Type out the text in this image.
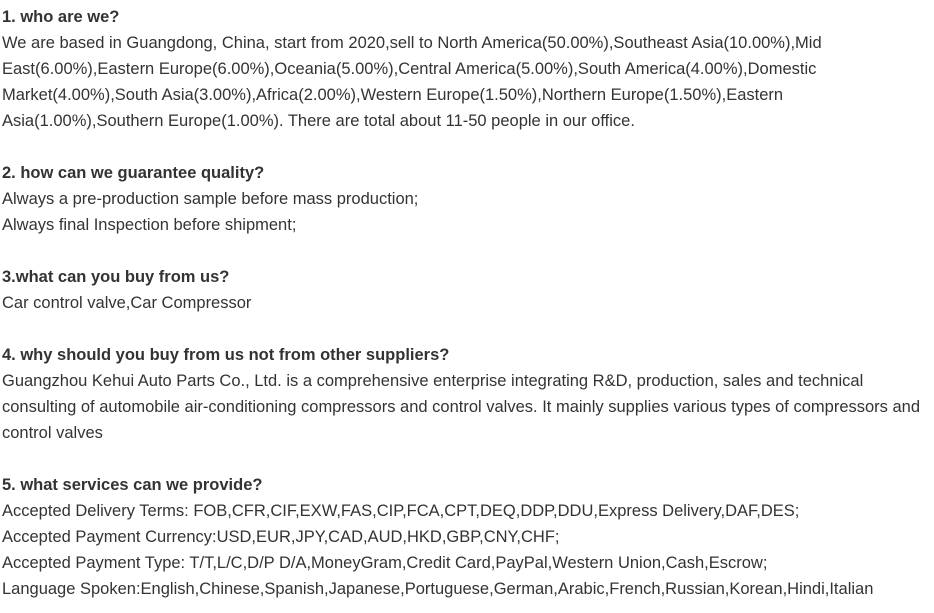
1. who are we?

We are based in Guangdong, China, start from 2020,sell to North America(50.00%),Southeast Asia(10.00%),Mid East(6.00%),Eastern Europe(6.00%),Oceania(5.00%),Central America(5.00%),South America(4.00%),Domestic Market(4.00%),South Asia(3.00%),Africa(2.00%),Western Europe(1.50%),Northern Europe(1.50%),Eastern Asia(1.00%),Southern Europe(1.00%). There are total about 11-50 people in our office.

2. how can we guarantee quality?

Always a pre-production sample before mass production;

Always final Inspection before shipment;

3.what can you buy from us?

Car control valve,Car Compressor

4. why should you buy from us not from other suppliers?

Guangzhou Kehui Auto Parts Co., Ltd. is a comprehensive enterprise integrating R&D, production, sales and technical consulting of automobile air-conditioning compressors and control valves. It mainly supplies various types of compressors and control valves

5. what services can we provide?

Accepted Delivery Terms: FOB,CFR,CIF,EXW,FAS,CIP,FCA,CPT,DEQ,DDP,DDU,Express Delivery,DAF,DES;

Accepted Payment Currency:USD,EUR,JPY,CAD,AUD,HKD,GBP,CNY,CHF;

Accepted Payment Type: T/T,L/C,D/P D/A,MoneyGram,Credit Card,PayPal,Western Union,Cash,Escrow;

Language Spoken:English,Chinese,Spanish,Japanese,Portuguese,German,Arabic,French,Russian,Korean,Hindi,Italian
